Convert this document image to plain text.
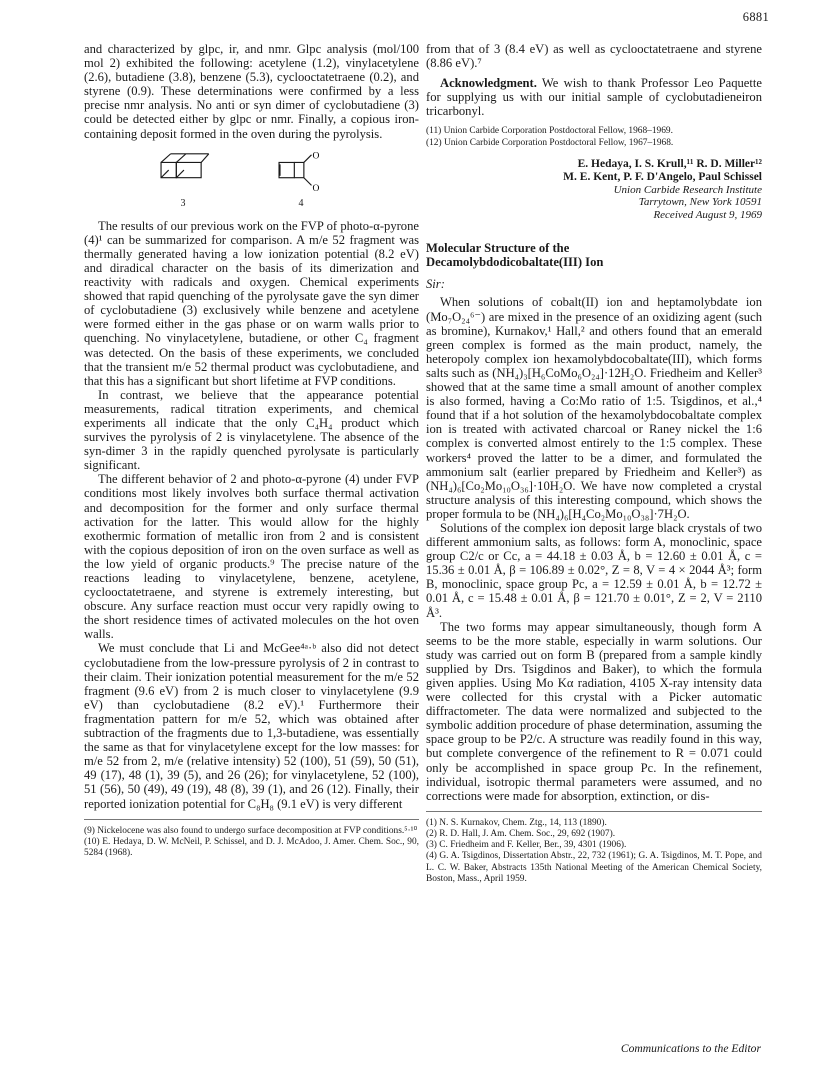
6881

and characterized by glpc, ir, and nmr. Glpc analysis (mol/100 mol 2) exhibited the following: acetylene (1.2), vinylacetylene (2.6), butadiene (3.8), benzene (5.3), cyclooctatetraene (0.2), and styrene (0.9). These determinations were confirmed by a less precise nmr analysis. No anti or syn dimer of cyclobutadiene (3) could be detected either by glpc or nmr. Finally, a copious iron-containing deposit formed in the oven during the pyrolysis.

3
O
O
4

The results of our previous work on the FVP of photo-α-pyrone (4)¹ can be summarized for comparison. A m/e 52 fragment was thermally generated having a low ionization potential (8.2 eV) and diradical character on the basis of its dimerization and reactivity with radicals and oxygen. Chemical experiments showed that rapid quenching of the pyrolysate gave the syn dimer of cyclobutadiene (3) exclusively while benzene and acetylene were formed either in the gas phase or on warm walls prior to quenching. No vinylacetylene, butadiene, or other C₄ fragment was detected. On the basis of these experiments, we concluded that the transient m/e 52 thermal product was cyclobutadiene, and that this has a significant but short lifetime at FVP conditions.

In contrast, we believe that the appearance potential measurements, radical titration experiments, and chemical experiments all indicate that the only C₄H₄ product which survives the pyrolysis of 2 is vinylacetylene. The absence of the syn-dimer 3 in the rapidly quenched pyrolysate is particularly significant.

The different behavior of 2 and photo-α-pyrone (4) under FVP conditions most likely involves both surface thermal activation and decomposition for the former and only surface thermal activation for the latter. This would allow for the highly exothermic formation of metallic iron from 2 and is consistent with the copious deposition of iron on the oven surface as well as the low yield of organic products.⁹ The precise nature of the reactions leading to vinylacetylene, benzene, acetylene, cyclooctatetraene, and styrene is extremely interesting, but obscure. Any surface reaction must occur very rapidly owing to the short residence times of activated molecules on the hot oven walls.

We must conclude that Li and McGee⁴ᵃ·ᵇ also did not detect cyclobutadiene from the low-pressure pyrolysis of 2 in contrast to their claim. Their ionization potential measurement for the m/e 52 fragment (9.6 eV) from 2 is much closer to vinylacetylene (9.9 eV) than cyclobutadiene (8.2 eV).¹ Furthermore their fragmentation pattern for m/e 52, which was obtained after subtraction of the fragments due to 1,3-butadiene, was essentially the same as that for vinylacetylene except for the low masses: for m/e 52 from 2, m/e (relative intensity) 52 (100), 51 (59), 50 (51), 49 (17), 48 (1), 39 (5), and 26 (26); for vinylacetylene, 52 (100), 51 (56), 50 (49), 49 (19), 48 (8), 39 (1), and 26 (12). Finally, their reported ionization potential for C₈H₈ (9.1 eV) is very different

(9) Nickelocene was also found to undergo surface decomposition at FVP conditions.⁵·¹⁰

(10) E. Hedaya, D. W. McNeil, P. Schissel, and D. J. McAdoo, J. Amer. Chem. Soc., 90, 5284 (1968).

from that of 3 (8.4 eV) as well as cyclooctatetraene and styrene (8.86 eV).⁷

Acknowledgment. We wish to thank Professor Leo Paquette for supplying us with our initial sample of cyclobutadieneiron tricarbonyl.

(11) Union Carbide Corporation Postdoctoral Fellow, 1968–1969.

(12) Union Carbide Corporation Postdoctoral Fellow, 1967–1968.

E. Hedaya, I. S. Krull,¹¹ R. D. Miller¹²
M. E. Kent, P. F. D'Angelo, Paul Schissel
Union Carbide Research Institute
Tarrytown, New York 10591
Received August 9, 1969
Molecular Structure of the
Decamolybdodicobaltate(III) Ion
Sir:

When solutions of cobalt(II) ion and heptamolybdate ion (Mo₇O₂₄⁶⁻) are mixed in the presence of an oxidizing agent (such as bromine), Kurnakov,¹ Hall,² and others found that an emerald green complex is formed as the main product, namely, the heteropoly complex ion hexamolybdocobaltate(III), which forms salts such as (NH₄)₃[H₆CoMo₆O₂₄]·12H₂O. Friedheim and Keller³ showed that at the same time a small amount of another complex is also formed, having a Co:Mo ratio of 1:5. Tsigdinos, et al.,⁴ found that if a hot solution of the hexamolybdocobaltate complex ion is treated with activated charcoal or Raney nickel the 1:6 complex is converted almost entirely to the 1:5 complex. These workers⁴ proved the latter to be a dimer, and formulated the ammonium salt (earlier prepared by Friedheim and Keller³) as (NH₄)₆[Co₂Mo₁₀O₃₆]·10H₂O. We have now completed a crystal structure analysis of this interesting compound, which shows the proper formula to be (NH₄)₆[H₄Co₂Mo₁₀O₃₈]·7H₂O.

Solutions of the complex ion deposit large black crystals of two different ammonium salts, as follows: form A, monoclinic, space group C2/c or Cc, a = 44.18 ± 0.03 Å, b = 12.60 ± 0.01 Å, c = 15.36 ± 0.01 Å, β = 106.89 ± 0.02°, Z = 8, V = 4 × 2044 Å³; form B, monoclinic, space group Pc, a = 12.59 ± 0.01 Å, b = 12.72 ± 0.01 Å, c = 15.48 ± 0.01 Å, β = 121.70 ± 0.01°, Z = 2, V = 2110 Å³.

The two forms may appear simultaneously, though form A seems to be the more stable, especially in warm solutions. Our study was carried out on form B (prepared from a sample kindly supplied by Drs. Tsigdinos and Baker), to which the formula given applies. Using Mo Kα radiation, 4105 X-ray intensity data were collected for this crystal with a Picker automatic diffractometer. The data were normalized and subjected to the symbolic addition procedure of phase determination, assuming the space group to be P2/c. A structure was readily found in this way, but complete convergence of the refinement to R = 0.071 could only be accomplished in space group Pc. In the refinement, individual, isotropic thermal parameters were assumed, and no corrections were made for absorption, extinction, or dis-

(1) N. S. Kurnakov, Chem. Ztg., 14, 113 (1890).

(2) R. D. Hall, J. Am. Chem. Soc., 29, 692 (1907).

(3) C. Friedheim and F. Keller, Ber., 39, 4301 (1906).

(4) G. A. Tsigdinos, Dissertation Abstr., 22, 732 (1961); G. A. Tsigdinos, M. T. Pope, and L. C. W. Baker, Abstracts 135th National Meeting of the American Chemical Society, Boston, Mass., April 1959.

Communications to the Editor
